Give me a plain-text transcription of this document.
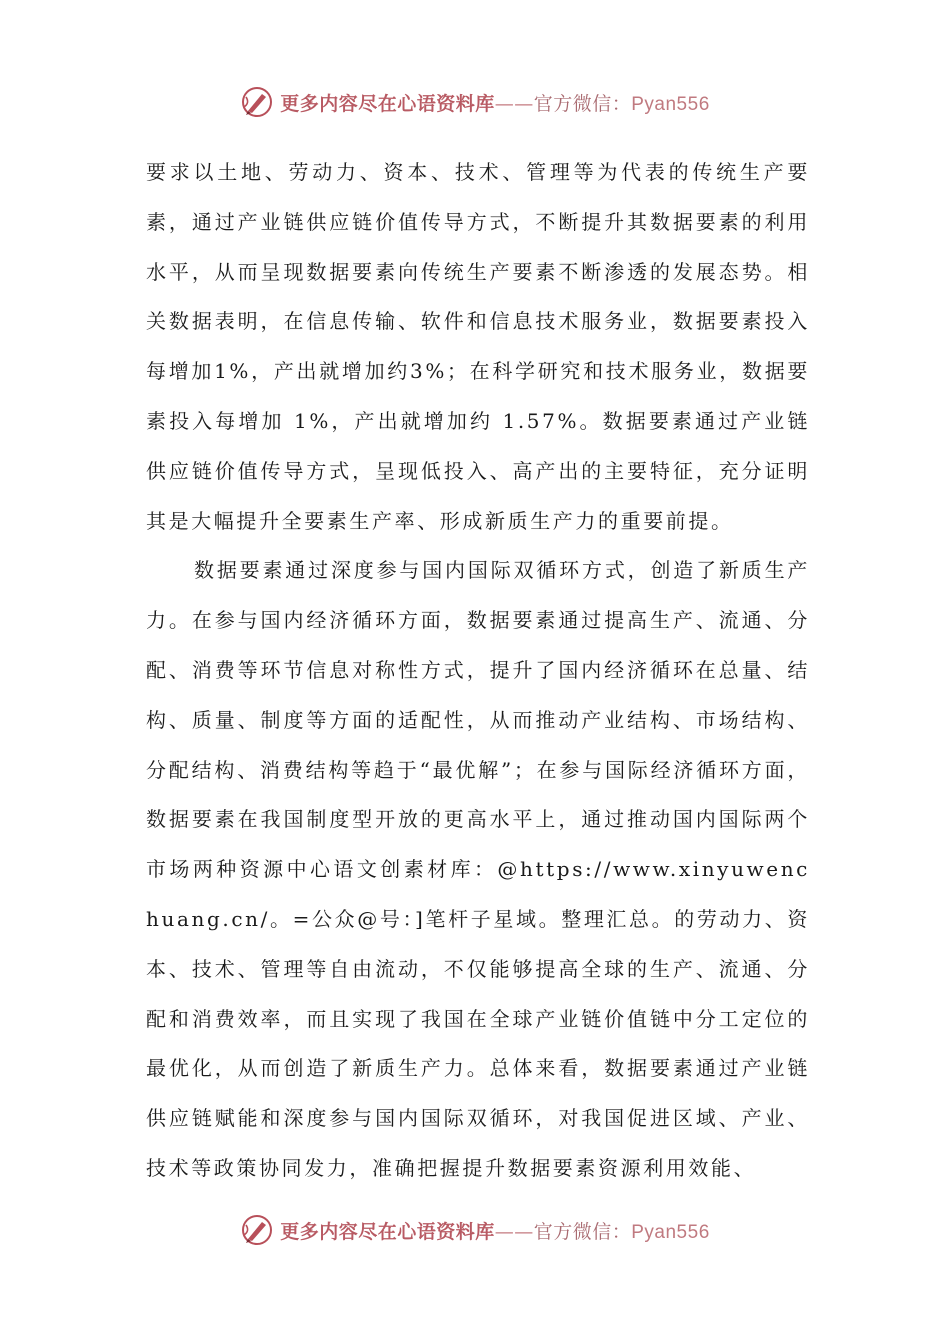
更多内容尽在心语资料库——官方微信：Pyan556

要求以土地、劳动力、资本、技术、管理等为代表的传统生产要素，通过产业链供应链价值传导方式，不断提升其数据要素的利用水平，从而呈现数据要素向传统生产要素不断渗透的发展态势。相关数据表明，在信息传输、软件和信息技术服务业，数据要素投入每增加1%，产出就增加约3%；在科学研究和技术服务业，数据要素投入每增加 1%，产出就增加约 1.57%。数据要素通过产业链供应链价值传导方式，呈现低投入、高产出的主要特征，充分证明其是大幅提升全要素生产率、形成新质生产力的重要前提。

数据要素通过深度参与国内国际双循环方式，创造了新质生产力。在参与国内经济循环方面，数据要素通过提高生产、流通、分配、消费等环节信息对称性方式，提升了国内经济循环在总量、结构、质量、制度等方面的适配性，从而推动产业结构、市场结构、分配结构、消费结构等趋于“最优解”；在参与国际经济循环方面，数据要素在我国制度型开放的更高水平上，通过推动国内国际两个市场两种资源中心语文创素材库：@https://www.xinyuwenchuang.cn/。=公众@号：]笔杆子星域。整理汇总。的劳动力、资本、技术、管理等自由流动，不仅能够提高全球的生产、流通、分配和消费效率，而且实现了我国在全球产业链价值链中分工定位的最优化，从而创造了新质生产力。总体来看，数据要素通过产业链供应链赋能和深度参与国内国际双循环，对我国促进区域、产业、技术等政策协同发力，准确把握提升数据要素资源利用效能、

更多内容尽在心语资料库——官方微信：Pyan556
